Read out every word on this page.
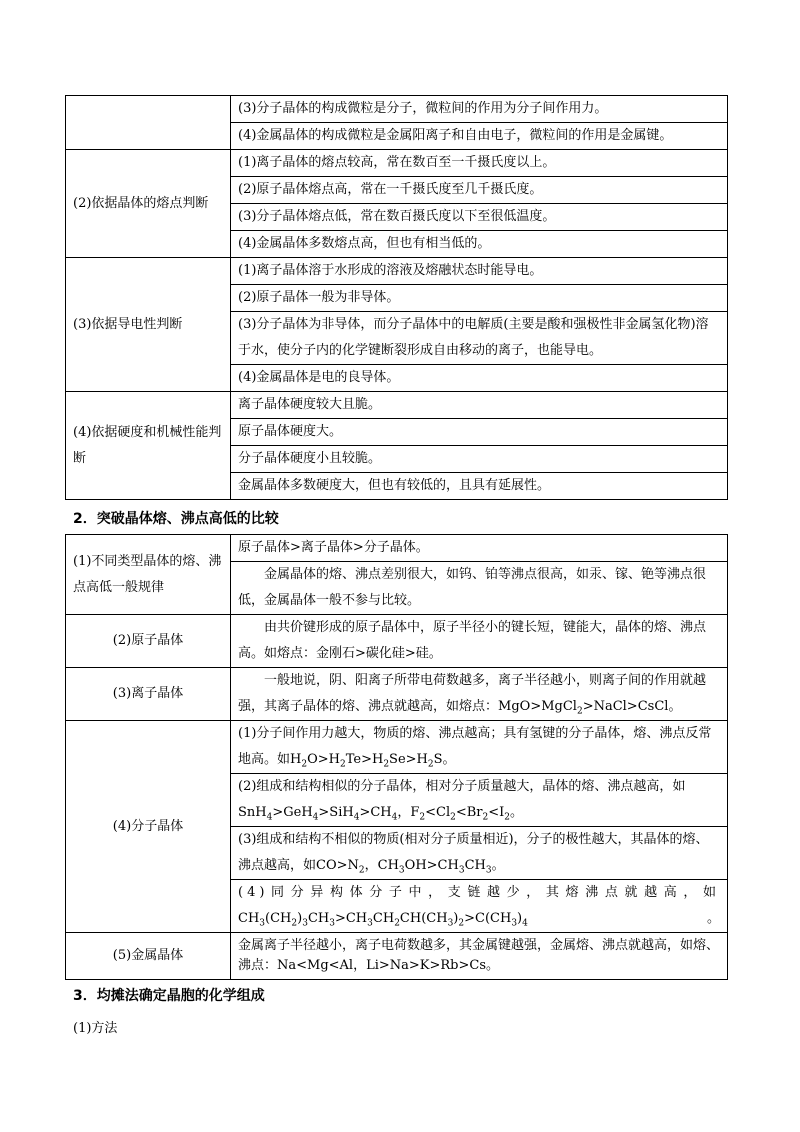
	(3)分子晶体的构成微粒是分子，微粒间的作用为分子间作用力。
	(4)金属晶体的构成微粒是金属阳离子和自由电子，微粒间的作用是金属键。
(2)依据晶体的熔点判断	(1)离子晶体的熔点较高，常在数百至一千摄氏度以上。
	(2)原子晶体熔点高，常在一千摄氏度至几千摄氏度。
	(3)分子晶体熔点低，常在数百摄氏度以下至很低温度。
	(4)金属晶体多数熔点高，但也有相当低的。
(3)依据导电性判断	(1)离子晶体溶于水形成的溶液及熔融状态时能导电。
	(2)原子晶体一般为非导体。
	(3)分子晶体为非导体，而分子晶体中的电解质(主要是酸和强极性非金属氢化物)溶于水，使分子内的化学键断裂形成自由移动的离子，也能导电。
	(4)金属晶体是电的良导体。
(4)依据硬度和机械性能判断	离子晶体硬度较大且脆。
	原子晶体硬度大。
	分子晶体硬度小且较脆。
	金属晶体多数硬度大，但也有较低的，且具有延展性。
2．突破晶体熔、沸点高低的比较
(1)不同类型晶体的熔、沸点高低一般规律	原子晶体>离子晶体>分子晶体。
	金属晶体的熔、沸点差别很大，如钨、铂等沸点很高，如汞、镓、铯等沸点很低，金属晶体一般不参与比较。
(2)原子晶体	由共价键形成的原子晶体中，原子半径小的键长短，键能大，晶体的熔、沸点高。如熔点：金刚石>碳化硅>硅。
(3)离子晶体	一般地说，阴、阳离子所带电荷数越多，离子半径越小，则离子间的作用就越强，其离子晶体的熔、沸点就越高，如熔点：MgO>MgCl$_2$>NaCl>CsCl。
(4)分子晶体	(1)分子间作用力越大，物质的熔、沸点越高；具有氢键的分子晶体，熔、沸点反常地高。如$H_2O>H_2Te>H_2Se>H_2S$。
	(2)组成和结构相似的分子晶体，相对分子质量越大，晶体的熔、沸点越高，如$SnH_4>GeH_4>SiH_4>CH_4$，$F_2<Cl_2<Br_2<I_2$。
	(3)组成和结构不相似的物质(相对分子质量相近)，分子的极性越大，其晶体的熔、沸点越高，如$CO>N_2$，$CH_3OH>CH_3CH_3$。

	(4)同分异构体分子中，支链越少，其熔沸点就越高，如
$CH_3(CH_2)_3CH_3>CH_3CH_2CH(CH_3)_2>C(CH_3)_4$。

(5)金属晶体	金属离子半径越小，离子电荷数越多，其金属键越强，金属熔、沸点就越高，如熔、沸点：Na<Mg<Al，Li>Na>K>Rb>Cs。
3．均摊法确定晶胞的化学组成
(1)方法
